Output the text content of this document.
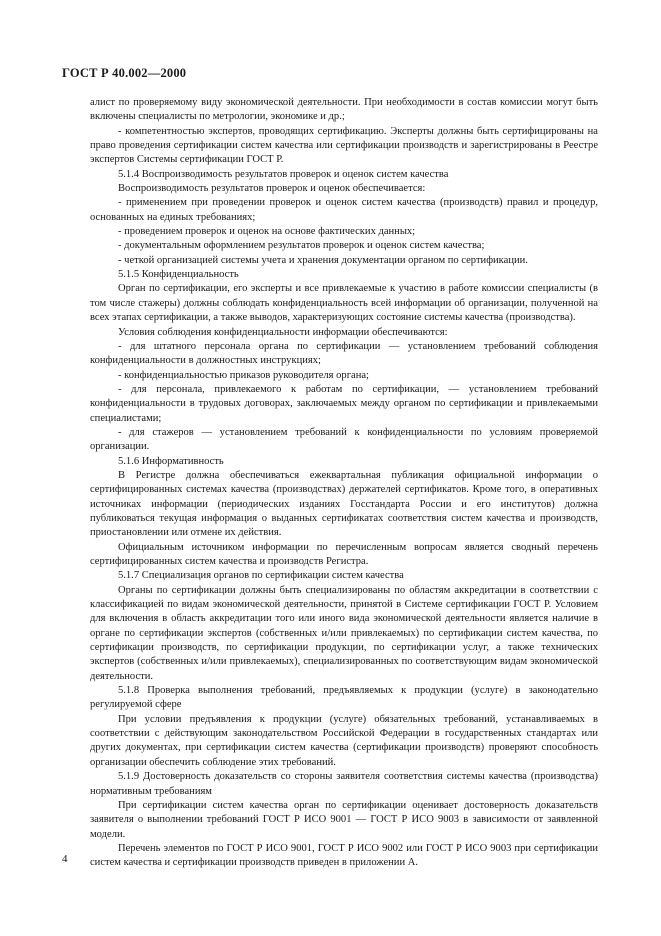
ГОСТ Р 40.002—2000

алист по проверяемому виду экономической деятельности. При необходимости в состав комиссии могут быть включены специалисты по метрологии, экономике и др.;

- компетентностью экспертов, проводящих сертификацию. Эксперты должны быть сертифицированы на право проведения сертификации систем качества или сертификации производств и зарегистрированы в Реестре экспертов Системы сертификации ГОСТ Р.

5.1.4 Воспроизводимость результатов проверок и оценок систем качества

Воспроизводимость результатов проверок и оценок обеспечивается:

- применением при проведении проверок и оценок систем качества (производств) правил и процедур, основанных на единых требованиях;

- проведением проверок и оценок на основе фактических данных;

- документальным оформлением результатов проверок и оценок систем качества;

- четкой организацией системы учета и хранения документации органом по сертификации.

5.1.5 Конфиденциальность

Орган по сертификации, его эксперты и все привлекаемые к участию в работе комиссии специалисты (в том числе стажеры) должны соблюдать конфиденциальность всей информации об организации, полученной на всех этапах сертификации, а также выводов, характеризующих состояние системы качества (производства).

Условия соблюдения конфиденциальности информации обеспечиваются:

- для штатного персонала органа по сертификации — установлением требований соблюдения конфиденциальности в должностных инструкциях;

- конфиденциальностью приказов руководителя органа;

- для персонала, привлекаемого к работам по сертификации, — установлением требований конфиденциальности в трудовых договорах, заключаемых между органом по сертификации и привлекаемыми специалистами;

- для стажеров — установлением требований к конфиденциальности по условиям проверяемой организации.

5.1.6 Информативность

В Регистре должна обеспечиваться ежеквартальная публикация официальной информации о сертифицированных системах качества (производствах) держателей сертификатов. Кроме того, в оперативных источниках информации (периодических изданиях Госстандарта России и его институтов) должна публиковаться текущая информация о выданных сертификатах соответствия систем качества и производств, приостановлении или отмене их действия.

Официальным источником информации по перечисленным вопросам является сводный перечень сертифицированных систем качества и производств Регистра.

5.1.7 Специализация органов по сертификации систем качества

Органы по сертификации должны быть специализированы по областям аккредитации в соответствии с классификацией по видам экономической деятельности, принятой в Системе сертификации ГОСТ Р. Условием для включения в область аккредитации того или иного вида экономической деятельности является наличие в органе по сертификации экспертов (собственных и/или привлекаемых) по сертификации систем качества, по сертификации производств, по сертификации продукции, по сертификации услуг, а также технических экспертов (собственных и/или привлекаемых), специализированных по соответствующим видам экономической деятельности.

5.1.8 Проверка выполнения требований, предъявляемых к продукции (услуге) в законодательно регулируемой сфере

При условии предъявления к продукции (услуге) обязательных требований, устанавливаемых в соответствии с действующим законодательством Российской Федерации в государственных стандартах или других документах, при сертификации систем качества (сертификации производств) проверяют способность организации обеспечить соблюдение этих требований.

5.1.9 Достоверность доказательств со стороны заявителя соответствия системы качества (производства) нормативным требованиям

При сертификации систем качества орган по сертификации оценивает достоверность доказательств заявителя о выполнении требований ГОСТ Р ИСО 9001 — ГОСТ Р ИСО 9003 в зависимости от заявленной модели.

Перечень элементов по ГОСТ Р ИСО 9001, ГОСТ Р ИСО 9002 или ГОСТ Р ИСО 9003 при сертификации систем качества и сертификации производств приведен в приложении А.

4
